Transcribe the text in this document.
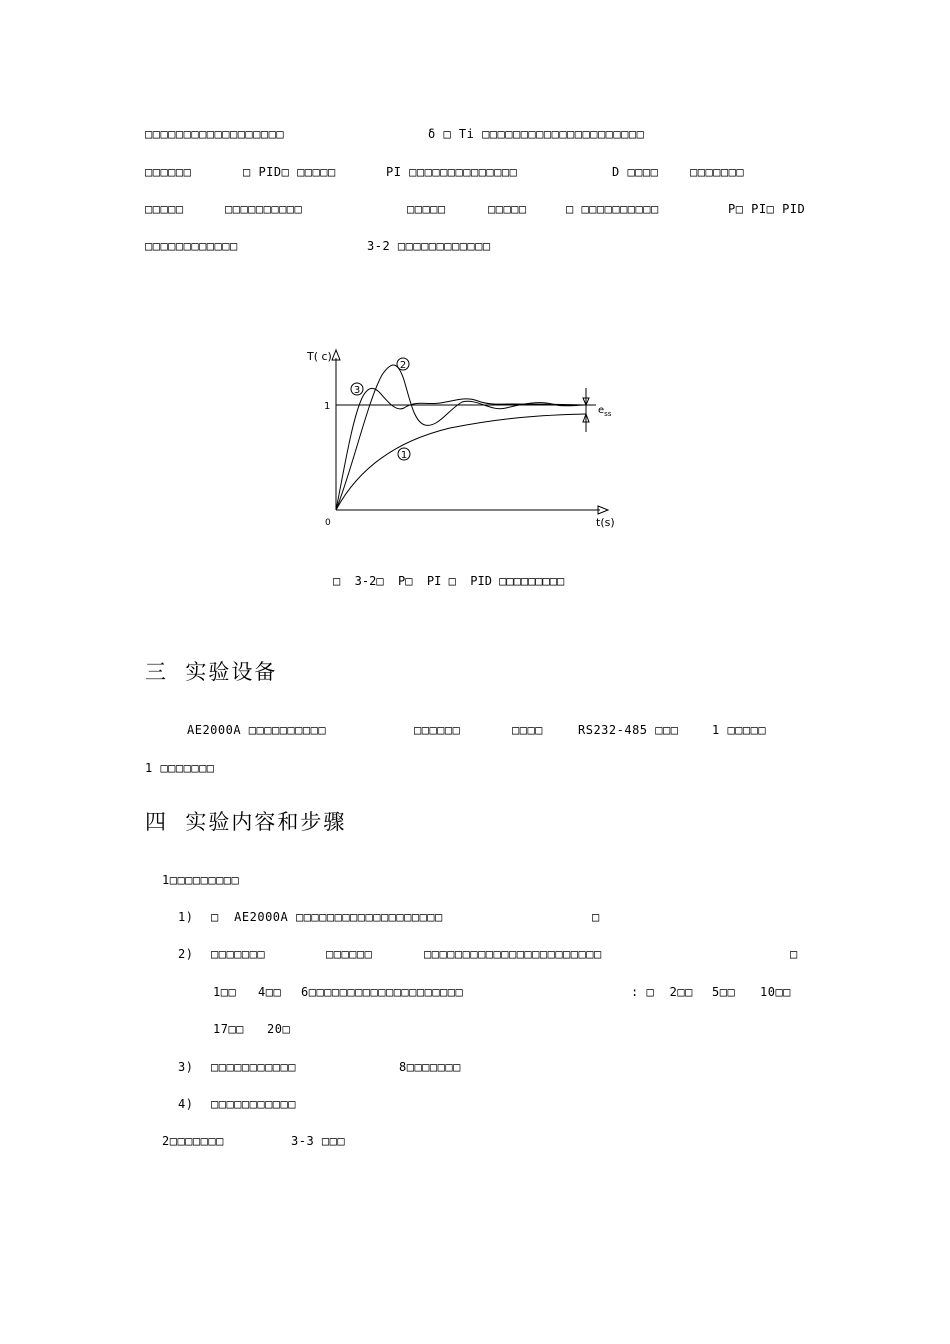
□□□□□□□□□□□□□□□□□□	δ □ Ti □□□□□□□□□□□□□□□□□□□□□
□□□□□□	□ PID□ □□□□□	PI □□□□□□□□□□□□□□	D □□□□	□□□□□□□
□□□□□	□□□□□□□□□□	□□□□□	□□□□□	□ □□□□□□□□□□	P□ PI□ PID
□□□□□□□□□□□□	3-2 □□□□□□□□□□□□
1
2
3
T( c)
1
0	t(s)
$e_{ss}$
□  3-2□  P□  PI □  PID □□□□□□□□□
三  实验设备
AE2000A □□□□□□□□□□	□□□□□□	□□□□	RS232-485 □□□	1 □□□□□
1 □□□□□□□
四  实验内容和步骤
1□□□□□□□□□
1) □  AE2000A □□□□□□□□□□□□□□□□□□□	□
2) □□□□□□□	□□□□□□	□□□□□□□□□□□□□□□□□□□□□□□	□
1□□ 4□□ 6□□□□□□□□□□□□□□□□□□□□	: □  2□□ 5□□ 10□□
17□□ 20□
3) □□□□□□□□□□□	8□□□□□□□
4) □□□□□□□□□□□
2□□□□□□□	3-3 □□□
